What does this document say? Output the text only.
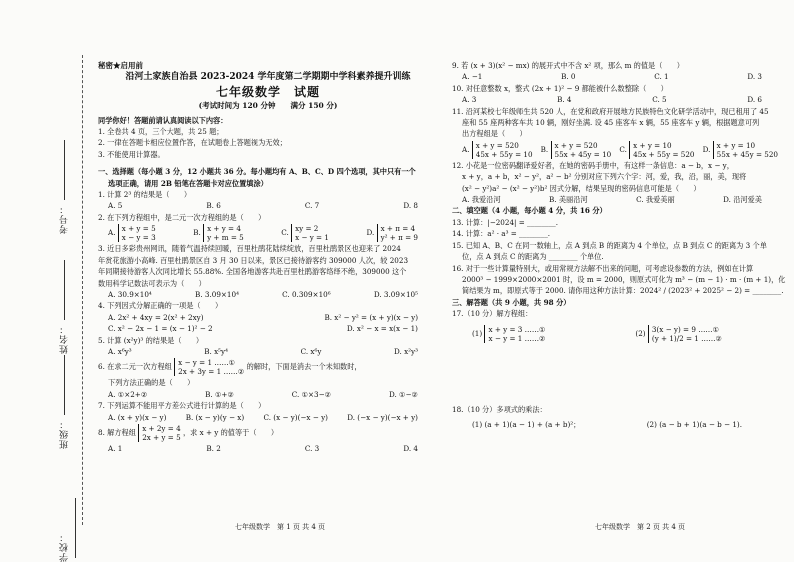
考号：
姓名：
班级：
学校：
秘密★启用前
沿河土家族自治县 2023-2024 学年度第二学期期中学科素养提升训练
七年级数学　试题
(考试时间为 120 分钟　　满分 150 分)
同学你好！答题前请认真阅读以下内容：
1. 全卷共 4 页，三个大题，共 25 题；
2. 一律在答题卡相应位置作答，在试题卷上答题视为无效；
3. 不能使用计算器。
一、选择题（每小题 3 分，12 小题共 36 分。每小题均有 A、B、C、D 四个选项，其中只有一个
选项正确，请用 2B 铅笔在答题卡对应位置填涂）
1. 计算 2³ 的结果是（　　）
A. 5	B. 6	C. 7	D. 8
2. 在下列方程组中，是二元一次方程组的是（　　）
A. x + y = 5
x − y = 3
B. x + y = 4
y + m = 5
C. xy = 2
x − y = 1
D. x + π = 4
y² + π = 9
3. 近日多彩贵州网讯，随着气温持续回暖，百里杜鹃花陆续绽放，百里杜鹃景区也迎来了 2024
年赏花旅游小高峰. 百里杜鹃景区自 3 月 30 日以来，景区已接待游客约 309000 人次，较 2023
年同期接待游客人次同比增长 55.88%. 全国各地游客共赴百里杜鹃游客络绎不绝，309000 这个
数用科学记数法可表示为（　　）
A. 30.9×10⁴	B. 3.09×10⁴	C. 0.309×10⁶	D. 3.09×10⁵
4. 下列因式分解正确的一项是（　　）
A. 2x² + 4xy = 2(x² + 2xy)	B. x² − y² = (x + y)(x − y)
C. x² − 2x − 1 = (x − 1)² − 2	D. x² − x = x(x − 1)
5. 计算 (x²y)³ 的结果是（　　）
A. x⁶y³	B. x⁵y⁴	C. x⁶y	D. x²y³
6. 在求二元一次方程组 x − y = 1 ……①
2x + 3y = 1 ……② 的解时，下面是消去一个未知数时，
下列方法正确的是（　　）
A. ①×2+②	B. ①+②	C. ①×3−②	D. ①−②
7. 下列运算不能用平方差公式进行计算的是（　　）
A. (x + y)(x − y)	B. (x − y)(y − x)	C. (x − y)(−x − y)	D. (−x − y)(−x + y)
8. 解方程组 x + 2y = 4
2x + y = 5 ，求 x + y 的值等于（　　）
A. 1	B. 2	C. 3	D. 4
9. 若 (x + 3)(x² − mx) 的展开式中不含 x² 项，那么 m 的值是（　　）
A. −1	B. 0	C. 1	D. 3
10. 对任意整数 x，整式 (2x + 1)² − 9 都能被什么数整除（　　）
A. 3	B. 4	C. 5	D. 6
11. 沿河某校七年级师生共 520 人，在党和政府开展地方民族特色文化研学活动中，现已租用了 45
座和 55 座两种客车共 10 辆，刚好坐满. 设 45 座客车 x 辆，55 座客车 y 辆，根据题意可列
出方程组是（　　）
A. x + y = 520
45x + 55y = 10
B. x + y = 520
55x + 45y = 10
C. x + y = 10
45x + 55y = 520
D. x + y = 10
55x + 45y = 520
12. 小花是一位密码翻译爱好者，在她的密码手册中，有这样一条信息：a − b，x − y，
x + y，a + b，x² − y²，a² − b² 分别对应下列六个字：河，爱，我，沿，丽，美，现将
(x² − y²)a² − (x² − y²)b² 因式分解，结果呈现的密码信息可能是（　　）
A. 我爱沿河	B. 美丽沿河	C. 我爱美丽	D. 沿河爱美
二、填空题（4 小题，每小题 4 分，共 16 分）
13. 计算：|−2024| = ________.
14. 计算：a² · a³ = ________.
15. 已知 A、B、C 在同一数轴上，点 A 到点 B 的距离为 4 个单位，点 B 到点 C 的距离为 3 个单
位，点 A 到点 C 的距离为 ________ 个单位.
16. 对于一些计算量特别大，或用常规方法解不出来的问题，可考虑设参数的方法，例如在计算
2000³ − 1999×2000×2001 时，设 m = 2000，则原式可化为 m³ − (m − 1) · m · (m + 1)，化
简结果为 m，即原式等于 2000. 请你用这种方法计算：2024² / (2023² + 2025² − 2) = ________.
三、解答题（共 9 小题，共 98 分）
17.（10 分）解方程组：
(1) x + y = 3 ……①
x − y = 1 ……②
(2) 3(x − y) = 9 ……①
(y + 1)/2 = 1 ……②
18.（10 分）多项式的乘法：
(1) (a + 1)(a − 1) + (a + b)²；	(2) (a − b + 1)(a − b − 1).
七年级数学　第 1 页 共 4 页	七年级数学　第 2 页 共 4 页
